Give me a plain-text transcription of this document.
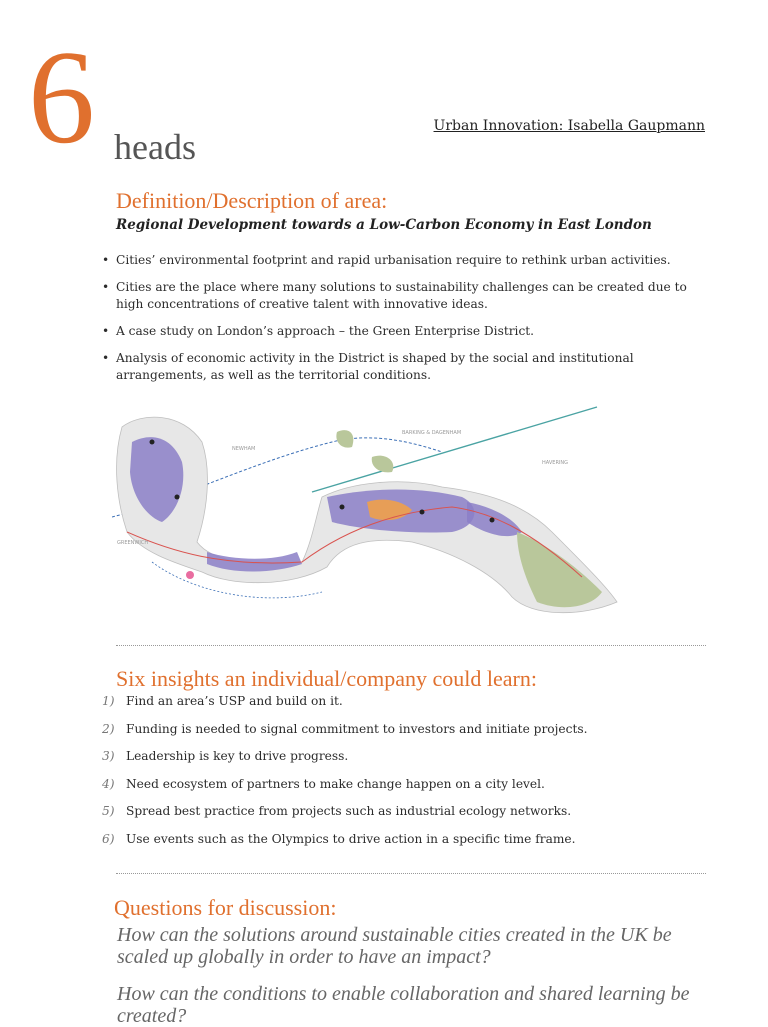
6 heads
Urban Innovation: Isabella Gaupmann
Definition/Description of area:
Regional Development towards a Low-Carbon Economy in East London
• Cities’ environmental footprint and rapid urbanisation require to rethink urban activities.
• Cities are the place where many solutions to sustainability challenges can be created due to high concentrations of creative talent with innovative ideas.
• A case study on London’s approach – the Green Enterprise District.
• Analysis of economic activity in the District is shaped by the social and institutional arrangements, as well as the territorial conditions.
BARKING & DAGENHAM
NEWHAM
HAVERING
GREENWICH
Six insights an individual/company could learn:
1) Find an area’s USP and build on it.
2) Funding is needed to signal commitment to investors and initiate projects.
3) Leadership is key to drive progress.
4) Need ecosystem of partners to make change happen on a city level.
5) Spread best practice from projects such as industrial ecology networks.
6) Use events such as the Olympics to drive action in a specific time frame.
Questions for discussion:

How can the solutions around sustainable cities created in the UK be scaled up globally in order to have an impact?

How can the conditions to enable collaboration and shared learning be created?
